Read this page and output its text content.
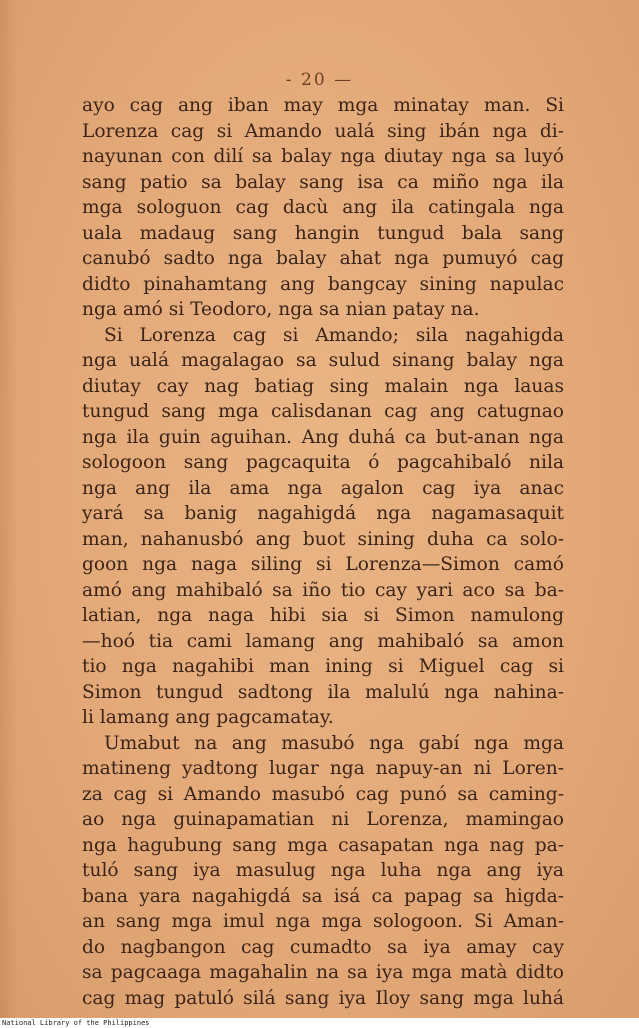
- 20 —
ayo cag ang iban may mga minatay man. Si
Lorenza cag si Amando ualá sing ibán nga di-
nayunan con dilí sa balay nga diutay nga sa luyó
sang patio sa balay sang isa ca miño nga ila
mga sologuon cag dacù ang ila catingala nga
uala madaug sang hangin tungud bala sang
canubó sadto nga balay ahat nga pumuyó cag
didto pinahamtang ang bangcay sining napulac
nga amó si Teodoro, nga sa nian patay na.
Si Lorenza cag si Amando; sila nagahigda
nga ualá magalagao sa sulud sinang balay nga
diutay cay nag batiag sing malain nga lauas
tungud sang mga calisdanan cag ang catugnao
nga ila guin aguihan. Ang duhá ca but-anan nga
sologoon sang pagcaquita ó pagcahibaló nila
nga ang ila ama nga agalon cag iya anac
yará sa banig nagahigdá nga nagamasaquit
man, nahanusbó ang buot sining duha ca solo-
goon nga naga siling si Lorenza—Simon camó
amó ang mahibaló sa iño tio cay yari aco sa ba-
latian, nga naga hibi sia si Simon namulong
—hoó tia cami lamang ang mahibaló sa amon
tio nga nagahibi man ining si Miguel cag si
Simon tungud sadtong ila malulú nga nahina-
li lamang ang pagcamatay.
Umabut na ang masubó nga gabí nga mga
matineng yadtong lugar nga napuy-an ni Loren-
za cag si Amando masubó cag punó sa caming-
ao nga guinapamatian ni Lorenza, mamingao
nga hagubung sang mga casapatan nga nag pa-
tuló sang iya masulug nga luha nga ang iya
bana yara nagahigdá sa isá ca papag sa higda-
an sang mga imul nga mga sologoon. Si Aman-
do nagbangon cag cumadto sa iya amay cay
sa pagcaaga magahalin na sa iya mga matà didto
cag mag patuló silá sang iya Iloy sang mga luhá
National Library of the Philippines
